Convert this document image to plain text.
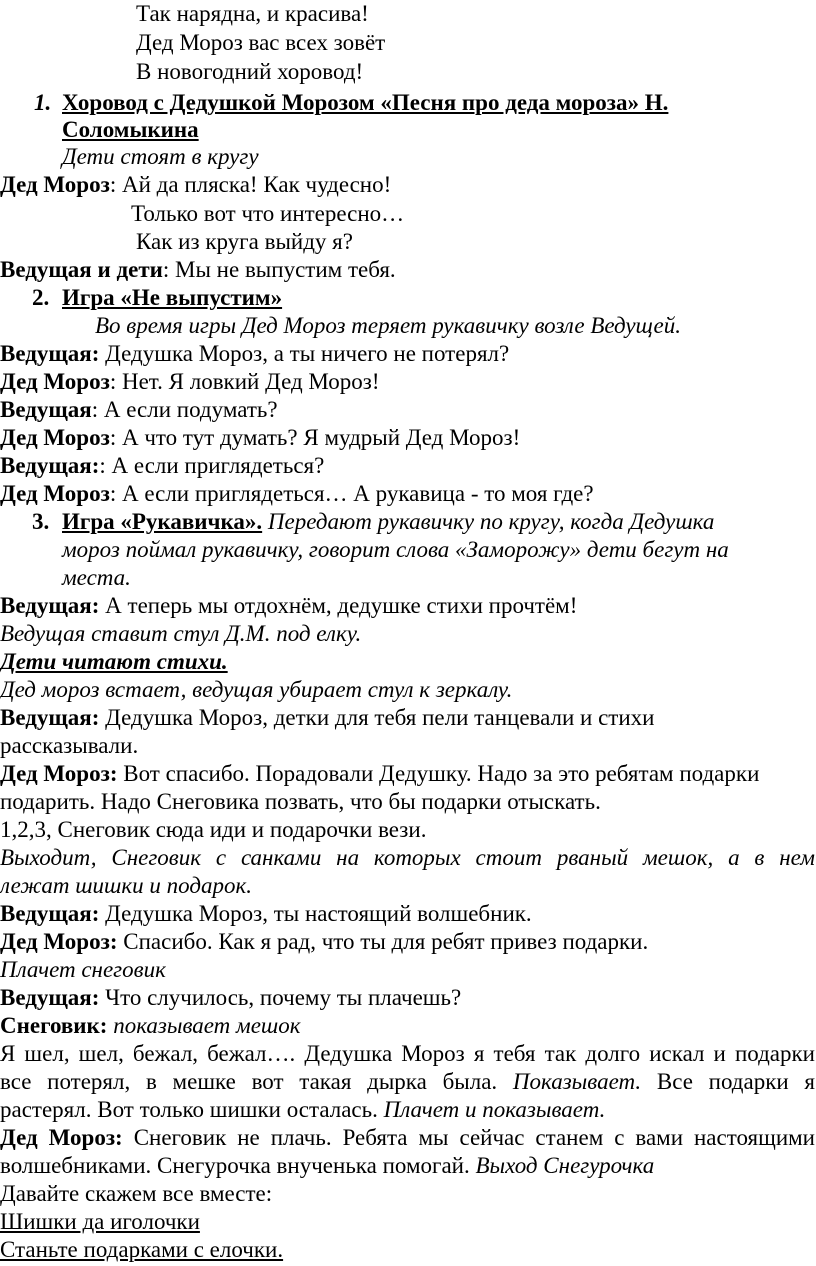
Так нарядна, и красива!
Дед Мороз вас всех зовёт
В новогодний хоровод!
1. Хоровод с Дедушкой Морозом «Песня про деда мороза» Н.
Соломыкина
Дети стоят в кругу
Дед Мороз: Ай да пляска! Как чудесно!
Только вот что интересно…
Как из круга выйду я?
Ведущая и дети: Мы не выпустим тебя.
2. Игра «Не выпустим»
Во время игры Дед Мороз теряет рукавичку возле Ведущей.
Ведущая: Дедушка Мороз, а ты ничего не потерял?
Дед Мороз: Нет. Я ловкий Дед Мороз!
Ведущая: А если подумать?
Дед Мороз: А что тут думать? Я мудрый Дед Мороз!
Ведущая:: А если приглядеться?
Дед Мороз: А если приглядеться… А рукавица - то моя где?
3. Игра «Рукавичка». Передают рукавичку по кругу, когда Дедушка
мороз поймал рукавичку, говорит слова «Заморожу» дети бегут на
места.
Ведущая: А теперь мы отдохнём, дедушке стихи прочтём!
Ведущая ставит стул Д.М. под елку.
Дети читают стихи.
Дед мороз встает, ведущая убирает стул к зеркалу.
Ведущая: Дедушка Мороз, детки для тебя пели танцевали и стихи
рассказывали.
Дед Мороз: Вот спасибо. Порадовали Дедушку. Надо за это ребятам подарки
подарить. Надо Снеговика позвать, что бы подарки отыскать.
1,2,3, Снеговик сюда иди и подарочки вези.
Выходит, Снеговик с санками на которых стоит рваный мешок, а в нем
лежат шишки и подарок.
Ведущая: Дедушка Мороз, ты настоящий волшебник.
Дед Мороз: Спасибо. Как я рад, что ты для ребят привез подарки.
Плачет снеговик
Ведущая: Что случилось, почему ты плачешь?
Снеговик: показывает мешок
Я шел, шел, бежал, бежал…. Дедушка Мороз я тебя так долго искал и подарки
все потерял, в мешке вот такая дырка была. Показывает. Все подарки я
растерял. Вот только шишки осталась. Плачет и показывает.
Дед Мороз: Снеговик не плачь. Ребята мы сейчас станем с вами настоящими
волшебниками. Снегурочка внученька помогай. Выход Снегурочка
Давайте скажем все вместе:
Шишки да иголочки
Станьте подарками с елочки.
